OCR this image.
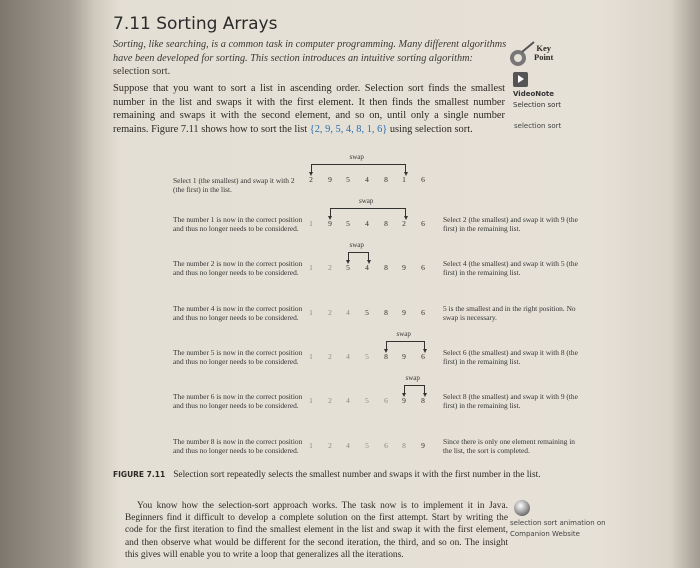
7.11 Sorting Arrays
Sorting, like searching, is a common task in computer programming. Many different algorithms have been developed for sorting. This section introduces an intuitive sorting algorithm: selection sort.
Key
Point
VideoNote
Selection sort
selection sort
Suppose that you want to sort a list in ascending order. Selection sort finds the smallest number in the list and swaps it with the first element. It then finds the smallest number remaining and swaps it with the second element, and so on, until only a single number remains. Figure 7.11 shows how to sort the list {2, 9, 5, 4, 8, 1, 6} using selection sort.
Select 1 (the smallest) and swap it with 2 (the first) in the list.
2	9	5	4	8	1	6
swap
The number 1 is now in the correct position and thus no longer needs to be considered.
Select 2 (the smallest) and swap it with 9 (the first) in the remaining list.
1	9	5	4	8	2	6
swap
The number 2 is now in the correct position and thus no longer needs to be considered.
Select 4 (the smallest) and swap it with 5 (the first) in the remaining list.
1	2	5	4	8	9	6
swap
The number 4 is now in the correct position and thus no longer needs to be considered.
5 is the smallest and in the right position. No swap is necessary.
1	2	4	5	8	9	6
The number 5 is now in the correct position and thus no longer needs to be considered.
Select 6 (the smallest) and swap it with 8 (the first) in the remaining list.
1	2	4	5	8	9	6
swap
The number 6 is now in the correct position and thus no longer needs to be considered.
Select 8 (the smallest) and swap it with 9 (the first) in the remaining list.
1	2	4	5	6	9	8
swap
The number 8 is now in the correct position and thus no longer needs to be considered.
Since there is only one element remaining in the list, the sort is completed.
1	2	4	5	6	8	9
FIGURE 7.11 Selection sort repeatedly selects the smallest number and swaps it with the first number in the list.
You know how the selection-sort approach works. The task now is to implement it in Java. Beginners find it difficult to develop a complete solution on the first attempt. Start by writing the code for the first iteration to find the smallest element in the list and swap it with the first element, and then observe what would be different for the second iteration, the third, and so on. The insight this gives will enable you to write a loop that generalizes all the iterations.
selection sort animation on Companion Website
